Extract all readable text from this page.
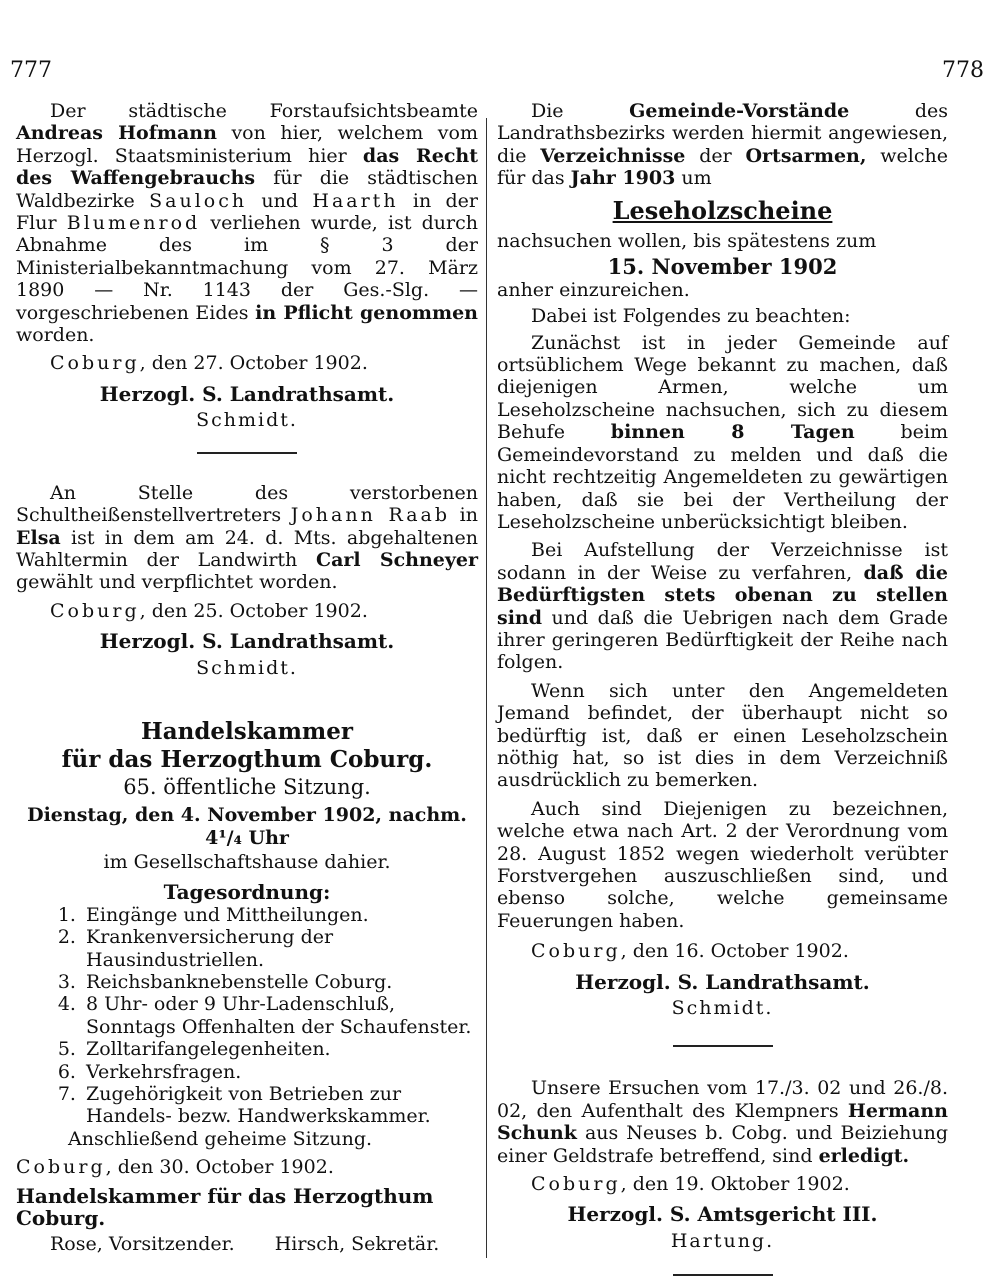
777	778

Der städtische Forstaufsichtsbeamte Andreas Hofmann von hier, welchem vom Herzogl. Staatsministerium hier das Recht des Waffengebrauchs für die städtischen Waldbezirke Sauloch und Haarth in der Flur Blumenrod verliehen wurde, ist durch Abnahme des im § 3 der Ministerialbekanntmachung vom 27. März 1890 — Nr. 1143 der Ges.-Slg. — vorgeschriebenen Eides in Pflicht genommen worden.

Coburg, den 27. October 1902.

Herzogl. S. Landrathsamt.

Schmidt.

An Stelle des verstorbenen Schultheißenstellvertreters Johann Raab in Elsa ist in dem am 24. d. Mts. abgehaltenen Wahltermin der Landwirth Carl Schneyer gewählt und verpflichtet worden.

Coburg, den 25. October 1902.

Herzogl. S. Landrathsamt.

Schmidt.

Handelskammer

für das Herzogthum Coburg.

65. öffentliche Sitzung.

Dienstag, den 4. November 1902, nachm. 4¹/₄ Uhr

im Gesellschaftshause dahier.

Tagesordnung:

1. Eingänge und Mittheilungen.
2. Krankenversicherung der Hausindustriellen.
3. Reichsbanknebenstelle Coburg.
4. 8 Uhr- oder 9 Uhr-Ladenschluß, Sonntags Offenhalten der Schaufenster.
5. Zolltarifangelegenheiten.
6. Verkehrsfragen.
7. Zugehörigkeit von Betrieben zur Handels- bezw. Handwerkskammer.

Anschließend geheime Sitzung.

Coburg, den 30. October 1902.

Handelskammer für das Herzogthum Coburg.

Rose, Vorsitzender. Hirsch, Sekretär.

Die Gemeinde-Vorstände des Landrathsbezirks werden hiermit angewiesen, die Verzeichnisse der Ortsarmen, welche für das Jahr 1903 um

Leseholzscheine

nachsuchen wollen, bis spätestens zum

15. November 1902

anher einzureichen.

Dabei ist Folgendes zu beachten:

Zunächst ist in jeder Gemeinde auf ortsüblichem Wege bekannt zu machen, daß diejenigen Armen, welche um Leseholzscheine nachsuchen, sich zu diesem Behufe binnen 8 Tagen beim Gemeindevorstand zu melden und daß die nicht rechtzeitig Angemeldeten zu gewärtigen haben, daß sie bei der Vertheilung der Leseholzscheine unberücksichtigt bleiben.

Bei Aufstellung der Verzeichnisse ist sodann in der Weise zu verfahren, daß die Bedürftigsten stets obenan zu stellen sind und daß die Uebrigen nach dem Grade ihrer geringeren Bedürftigkeit der Reihe nach folgen.

Wenn sich unter den Angemeldeten Jemand befindet, der überhaupt nicht so bedürftig ist, daß er einen Leseholzschein nöthig hat, so ist dies in dem Verzeichniß ausdrücklich zu bemerken.

Auch sind Diejenigen zu bezeichnen, welche etwa nach Art. 2 der Verordnung vom 28. August 1852 wegen wiederholt verübter Forstvergehen auszuschließen sind, und ebenso solche, welche gemeinsame Feuerungen haben.

Coburg, den 16. October 1902.

Herzogl. S. Landrathsamt.

Schmidt.

Unsere Ersuchen vom 17./3. 02 und 26./8. 02, den Aufenthalt des Klempners Hermann Schunk aus Neuses b. Cobg. und Beiziehung einer Geldstrafe betreffend, sind erledigt.

Coburg, den 19. Oktober 1902.

Herzogl. S. Amtsgericht III.

Hartung.
